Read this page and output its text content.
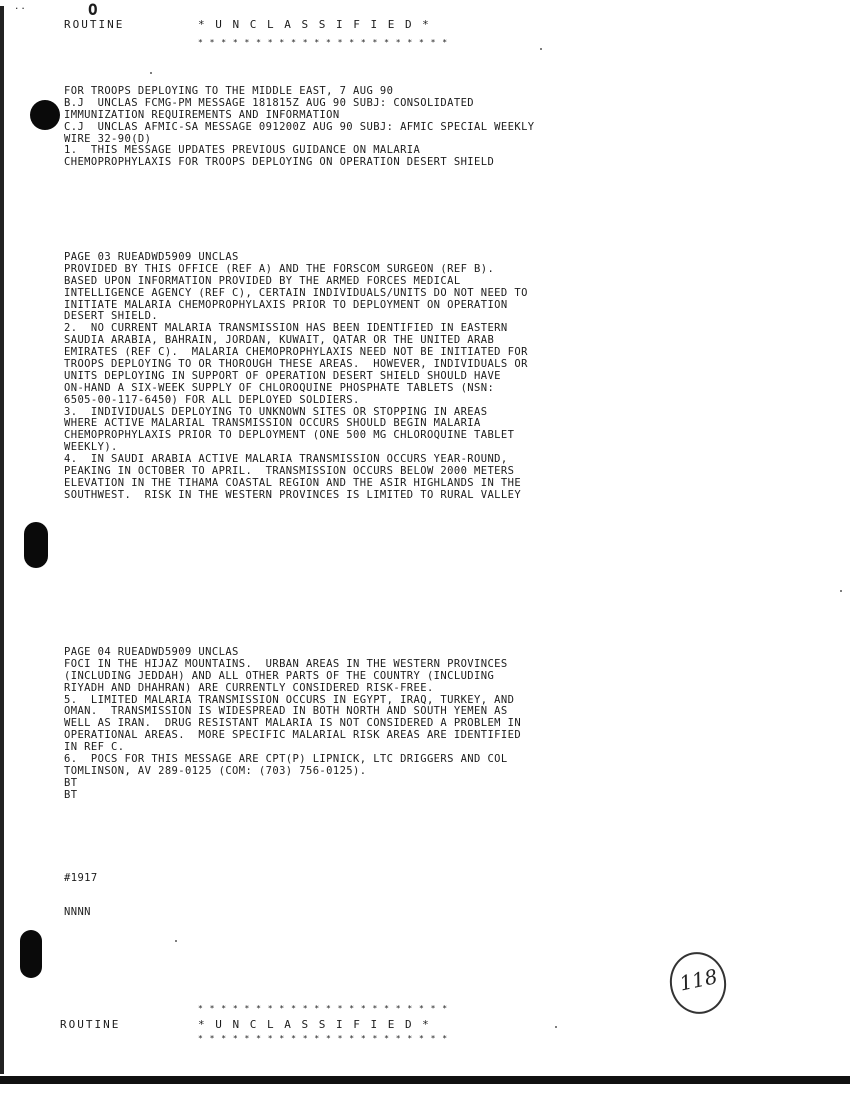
..	O
ROUTINE	* U N C L A S S I F I E D *
* * * * * * * * * * * * * * * * * * * * * *
FOR TROOPS DEPLOYING TO THE MIDDLE EAST, 7 AUG 90
B.J  UNCLAS FCMG-PM MESSAGE 181815Z AUG 90 SUBJ: CONSOLIDATED
IMMUNIZATION REQUIREMENTS AND INFORMATION
C.J  UNCLAS AFMIC-SA MESSAGE 091200Z AUG 90 SUBJ: AFMIC SPECIAL WEEKLY
WIRE 32-90(D)
1.  THIS MESSAGE UPDATES PREVIOUS GUIDANCE ON MALARIA
CHEMOPROPHYLAXIS FOR TROOPS DEPLOYING ON OPERATION DESERT SHIELD
PAGE 03 RUEADWD5909 UNCLAS
PROVIDED BY THIS OFFICE (REF A) AND THE FORSCOM SURGEON (REF B).
BASED UPON INFORMATION PROVIDED BY THE ARMED FORCES MEDICAL
INTELLIGENCE AGENCY (REF C), CERTAIN INDIVIDUALS/UNITS DO NOT NEED TO
INITIATE MALARIA CHEMOPROPHYLAXIS PRIOR TO DEPLOYMENT ON OPERATION
DESERT SHIELD.
2.  NO CURRENT MALARIA TRANSMISSION HAS BEEN IDENTIFIED IN EASTERN
SAUDIA ARABIA, BAHRAIN, JORDAN, KUWAIT, QATAR OR THE UNITED ARAB
EMIRATES (REF C).  MALARIA CHEMOPROPHYLAXIS NEED NOT BE INITIATED FOR
TROOPS DEPLOYING TO OR THOROUGH THESE AREAS.  HOWEVER, INDIVIDUALS OR
UNITS DEPLOYING IN SUPPORT OF OPERATION DESERT SHIELD SHOULD HAVE
ON-HAND A SIX-WEEK SUPPLY OF CHLOROQUINE PHOSPHATE TABLETS (NSN:
6505-00-117-6450) FOR ALL DEPLOYED SOLDIERS.
3.  INDIVIDUALS DEPLOYING TO UNKNOWN SITES OR STOPPING IN AREAS
WHERE ACTIVE MALARIAL TRANSMISSION OCCURS SHOULD BEGIN MALARIA
CHEMOPROPHYLAXIS PRIOR TO DEPLOYMENT (ONE 500 MG CHLOROQUINE TABLET
WEEKLY).
4.  IN SAUDI ARABIA ACTIVE MALARIA TRANSMISSION OCCURS YEAR-ROUND,
PEAKING IN OCTOBER TO APRIL.  TRANSMISSION OCCURS BELOW 2000 METERS
ELEVATION IN THE TIHAMA COASTAL REGION AND THE ASIR HIGHLANDS IN THE
SOUTHWEST.  RISK IN THE WESTERN PROVINCES IS LIMITED TO RURAL VALLEY
PAGE 04 RUEADWD5909 UNCLAS
FOCI IN THE HIJAZ MOUNTAINS.  URBAN AREAS IN THE WESTERN PROVINCES
(INCLUDING JEDDAH) AND ALL OTHER PARTS OF THE COUNTRY (INCLUDING
RIYADH AND DHAHRAN) ARE CURRENTLY CONSIDERED RISK-FREE.
5.  LIMITED MALARIA TRANSMISSION OCCURS IN EGYPT, IRAQ, TURKEY, AND
OMAN.  TRANSMISSION IS WIDESPREAD IN BOTH NORTH AND SOUTH YEMEN AS
WELL AS IRAN.  DRUG RESISTANT MALARIA IS NOT CONSIDERED A PROBLEM IN
OPERATIONAL AREAS.  MORE SPECIFIC MALARIAL RISK AREAS ARE IDENTIFIED
IN REF C.
6.  POCS FOR THIS MESSAGE ARE CPT(P) LIPNICK, LTC DRIGGERS AND COL
TOMLINSON, AV 289-0125 (COM: (703) 756-0125).
BT
BT
#1917
NNNN
118
* * * * * * * * * * * * * * * * * * * * * *
ROUTINE	* U N C L A S S I F I E D *
* * * * * * * * * * * * * * * * * * * * * *
